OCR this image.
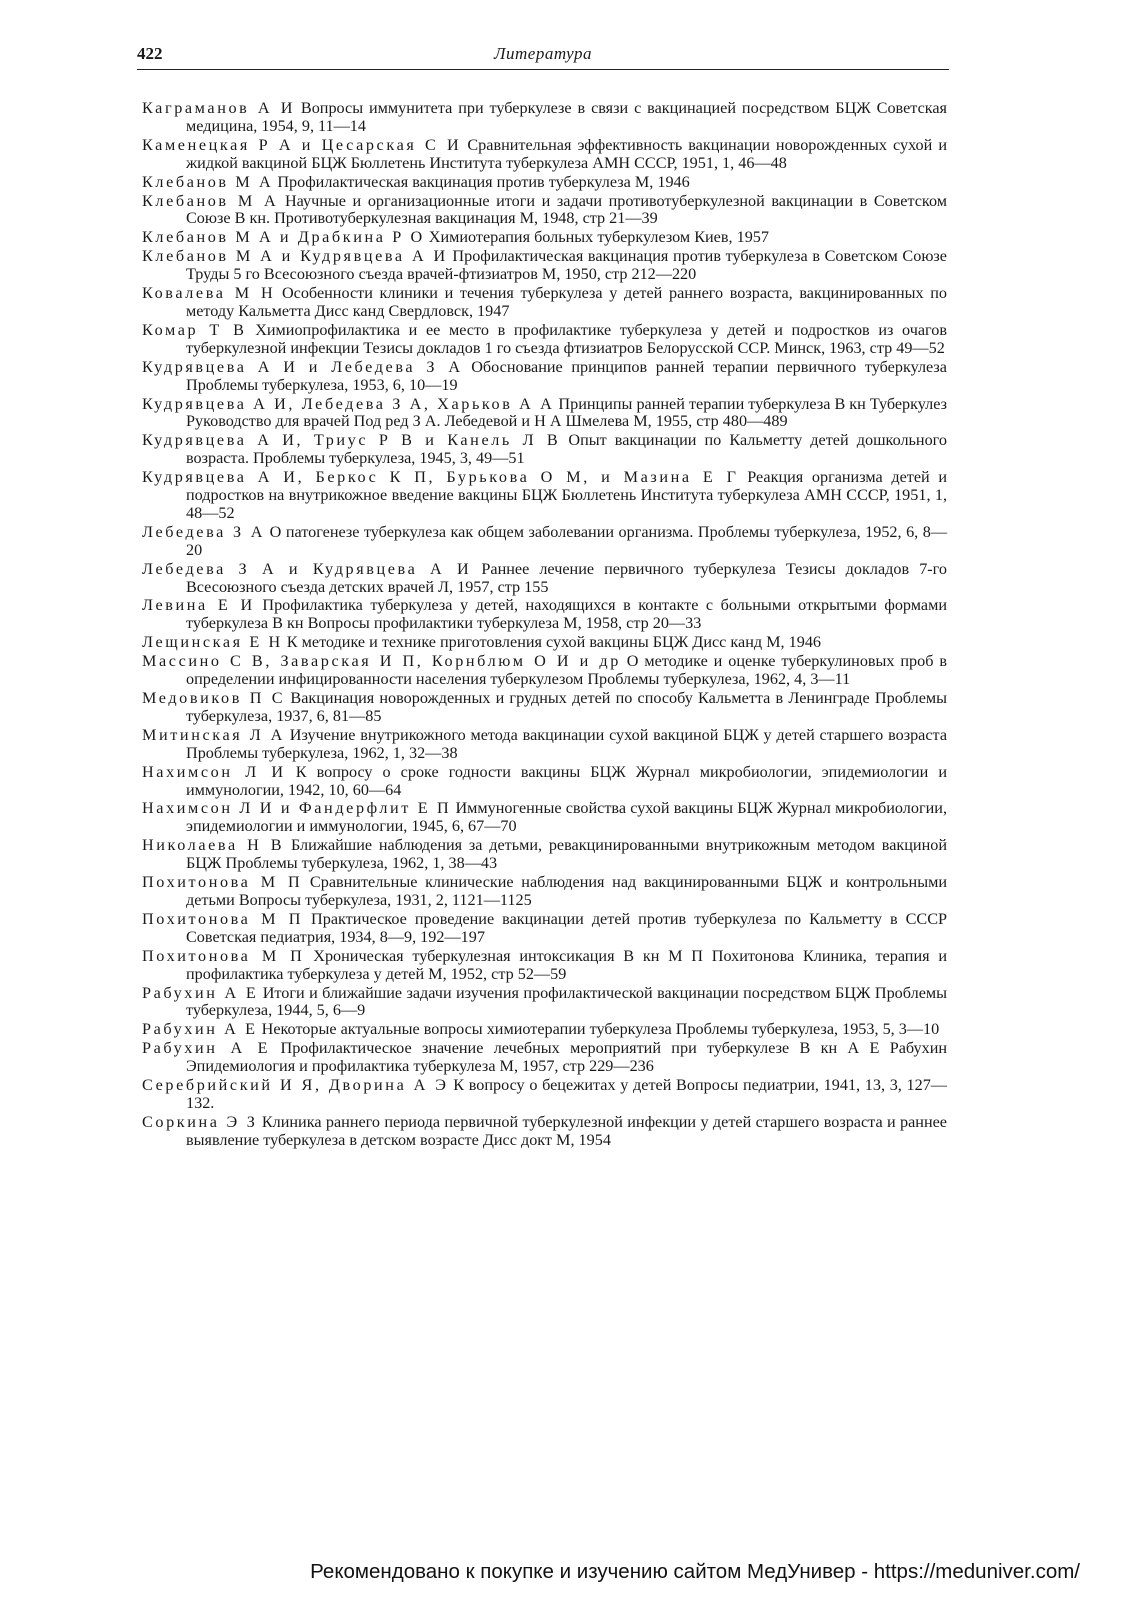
422	Литература
Каграманов А И Вопросы иммунитета при туберкулезе в связи с вакцинацией посредством БЦЖ Советская медицина, 1954, 9, 11—14
Каменецкая Р А и Цесарская С И Сравнительная эффективность вакцинации новорожденных сухой и жидкой вакциной БЦЖ Бюллетень Института туберкулеза АМН СССР, 1951, 1, 46—48
Клебанов М А Профилактическая вакцинация против туберкулеза М, 1946
Клебанов М А Научные и организационные итоги и задачи противотуберкулезной вакцинации в Советском Союзе В кн. Противотуберкулезная вакцинация М, 1948, стр 21—39
Клебанов М А и Драбкина Р О Химиотерапия больных туберкулезом Киев, 1957
Клебанов М А и Кудрявцева А И Профилактическая вакцинация против туберкулеза в Советском Союзе Труды 5 го Всесоюзного съезда врачей-фтизиатров М, 1950, стр 212—220
Ковалева М Н Особенности клиники и течения туберкулеза у детей раннего возраста, вакцинированных по методу Кальметта Дисс канд Свердловск, 1947
Комар Т В Химиопрофилактика и ее место в профилактике туберкулеза у детей и подростков из очагов туберкулезной инфекции Тезисы докладов 1 го съезда фтизиатров Белорусской ССР. Минск, 1963, стр 49—52
Кудрявцева А И и Лебедева З А Обоснование принципов ранней терапии первичного туберкулеза Проблемы туберкулеза, 1953, 6, 10—19
Кудрявцева А И, Лебедева З А, Харьков А А Принципы ранней терапии туберкулеза В кн Туберкулез Руководство для врачей Под ред З А. Лебедевой и Н А Шмелева М, 1955, стр 480—489
Кудрявцева А И, Триус Р В и Канель Л В Опыт вакцинации по Кальметту детей дошкольного возраста. Проблемы туберкулеза, 1945, 3, 49—51
Кудрявцева А И, Беркос К П, Бурькова О М, и Мазина Е Г Реакция организма детей и подростков на внутрикожное введение вакцины БЦЖ Бюллетень Института туберкулеза АМН СССР, 1951, 1, 48—52
Лебедева З А О патогенезе туберкулеза как общем заболевании организма. Проблемы туберкулеза, 1952, 6, 8—20
Лебедева З А и Кудрявцева А И Раннее лечение первичного туберкулеза Тезисы докладов 7-го Всесоюзного съезда детских врачей Л, 1957, стр 155
Левина Е И Профилактика туберкулеза у детей, находящихся в контакте с больными открытыми формами туберкулеза В кн Вопросы профилактики туберкулеза М, 1958, стр 20—33
Лещинская Е Н К методике и технике приготовления сухой вакцины БЦЖ Дисс канд М, 1946
Массино С В, Заварская И П, Корнблюм О И и др О методике и оценке туберкулиновых проб в определении инфицированности населения туберкулезом Проблемы туберкулеза, 1962, 4, 3—11
Медовиков П С Вакцинация новорожденных и грудных детей по способу Кальметта в Ленинграде Проблемы туберкулеза, 1937, 6, 81—85
Митинская Л А Изучение внутрикожного метода вакцинации сухой вакциной БЦЖ у детей старшего возраста Проблемы туберкулеза, 1962, 1, 32—38
Нахимсон Л И К вопросу о сроке годности вакцины БЦЖ Журнал микробиологии, эпидемиологии и иммунологии, 1942, 10, 60—64
Нахимсон Л И и Фандерфлит Е П Иммуногенные свойства сухой вакцины БЦЖ Журнал микробиологии, эпидемиологии и иммунологии, 1945, 6, 67—70
Николаева Н В Ближайшие наблюдения за детьми, ревакцинированными внутрикожным методом вакциной БЦЖ Проблемы туберкулеза, 1962, 1, 38—43
Похитонова М П Сравнительные клинические наблюдения над вакцинированными БЦЖ и контрольными детьми Вопросы туберкулеза, 1931, 2, 1121—1125
Похитонова М П Практическое проведение вакцинации детей против туберкулеза по Кальметту в СССР Советская педиатрия, 1934, 8—9, 192—197
Похитонова М П Хроническая туберкулезная интоксикация В кн М П Похитонова Клиника, терапия и профилактика туберкулеза у детей М, 1952, стр 52—59
Рабухин А Е Итоги и ближайшие задачи изучения профилактической вакцинации посредством БЦЖ Проблемы туберкулеза, 1944, 5, 6—9
Рабухин А Е Некоторые актуальные вопросы химиотерапии туберкулеза Проблемы туберкулеза, 1953, 5, 3—10
Рабухин А Е Профилактическое значение лечебных мероприятий при туберкулезе В кн А Е Рабухин Эпидемиология и профилактика туберкулеза М, 1957, стр 229—236
Серебрийский И Я, Дворина А Э К вопросу о бецежитах у детей Вопросы педиатрии, 1941, 13, 3, 127—132.
Соркина Э З Клиника раннего периода первичной туберкулезной инфекции у детей старшего возраста и раннее выявление туберкулеза в детском возрасте Дисс докт М, 1954
Рекомендовано к покупке и изучению сайтом МедУнивер - https://meduniver.com/
